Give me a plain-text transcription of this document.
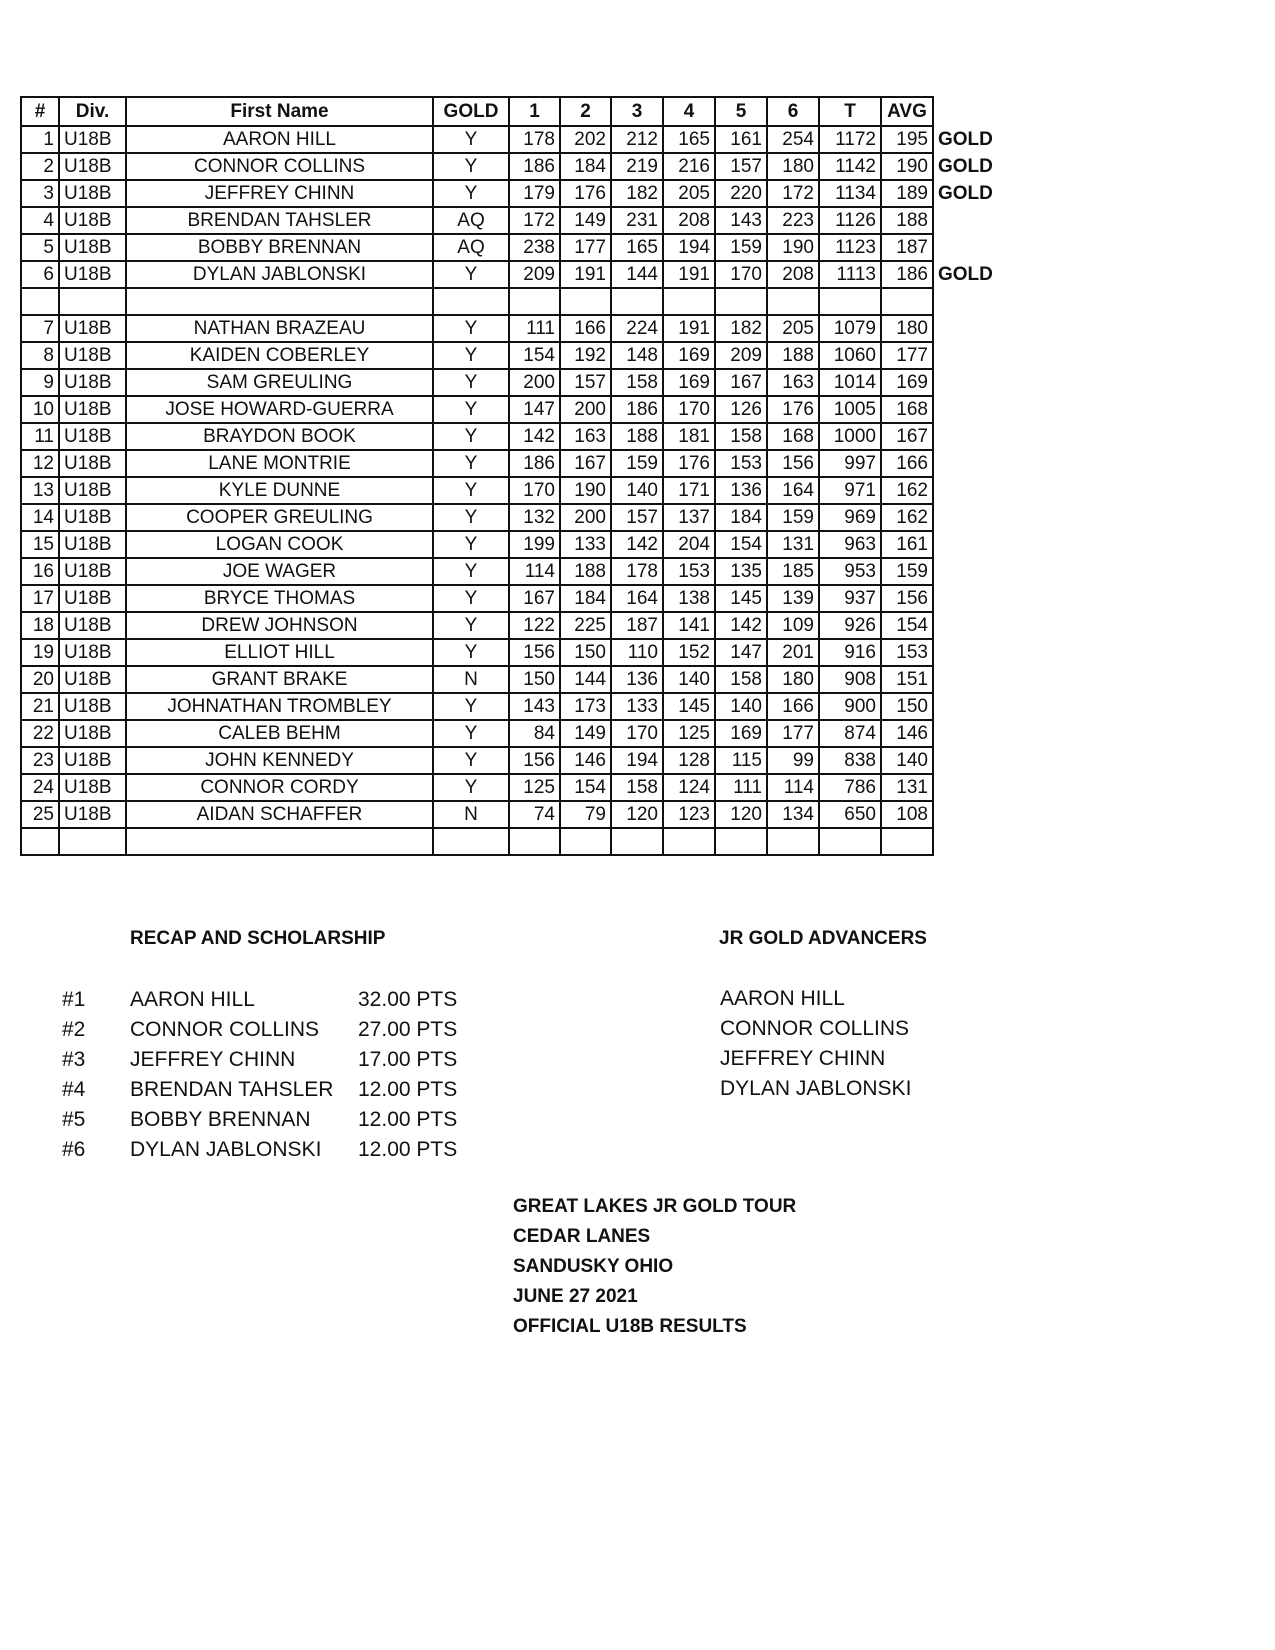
#	Div.	First Name	GOLD	1	2	3	4	5	6	T	AVG	
1	U18B	AARON HILL	Y	178	202	212	165	161	254	1172	195	GOLD
2	U18B	CONNOR COLLINS	Y	186	184	219	216	157	180	1142	190	GOLD
3	U18B	JEFFREY CHINN	Y	179	176	182	205	220	172	1134	189	GOLD
4	U18B	BRENDAN TAHSLER	AQ	172	149	231	208	143	223	1126	188	
5	U18B	BOBBY BRENNAN	AQ	238	177	165	194	159	190	1123	187	
6	U18B	DYLAN JABLONSKI	Y	209	191	144	191	170	208	1113	186	GOLD

7	U18B	NATHAN BRAZEAU	Y	111	166	224	191	182	205	1079	180	
8	U18B	KAIDEN COBERLEY	Y	154	192	148	169	209	188	1060	177	
9	U18B	SAM GREULING	Y	200	157	158	169	167	163	1014	169	
10	U18B	JOSE HOWARD-GUERRA	Y	147	200	186	170	126	176	1005	168	
11	U18B	BRAYDON BOOK	Y	142	163	188	181	158	168	1000	167	
12	U18B	LANE MONTRIE	Y	186	167	159	176	153	156	997	166	
13	U18B	KYLE DUNNE	Y	170	190	140	171	136	164	971	162	
14	U18B	COOPER GREULING	Y	132	200	157	137	184	159	969	162	
15	U18B	LOGAN COOK	Y	199	133	142	204	154	131	963	161	
16	U18B	JOE WAGER	Y	114	188	178	153	135	185	953	159	
17	U18B	BRYCE THOMAS	Y	167	184	164	138	145	139	937	156	
18	U18B	DREW JOHNSON	Y	122	225	187	141	142	109	926	154	
19	U18B	ELLIOT HILL	Y	156	150	110	152	147	201	916	153	
20	U18B	GRANT BRAKE	N	150	144	136	140	158	180	908	151	
21	U18B	JOHNATHAN TROMBLEY	Y	143	173	133	145	140	166	900	150	
22	U18B	CALEB BEHM	Y	84	149	170	125	169	177	874	146	
23	U18B	JOHN KENNEDY	Y	156	146	194	128	115	99	838	140	
24	U18B	CONNOR CORDY	Y	125	154	158	124	111	114	786	131	
25	U18B	AIDAN SCHAFFER	N	74	79	120	123	120	134	650	108	

RECAP AND SCHOLARSHIP	JR GOLD ADVANCERS
#1 AARON HILL	32.00 PTS
#2 CONNOR COLLINS 27.00 PTS
#3 JEFFREY CHINN	17.00 PTS
#4 BRENDAN TAHSLER 12.00 PTS
#5 BOBBY BRENNAN 12.00 PTS
#6 DYLAN JABLONSKI 12.00 PTS
AARON HILL
CONNOR COLLINS
JEFFREY CHINN
DYLAN JABLONSKI
GREAT LAKES JR GOLD TOUR
CEDAR LANES
SANDUSKY OHIO
JUNE 27 2021
OFFICIAL U18B RESULTS
